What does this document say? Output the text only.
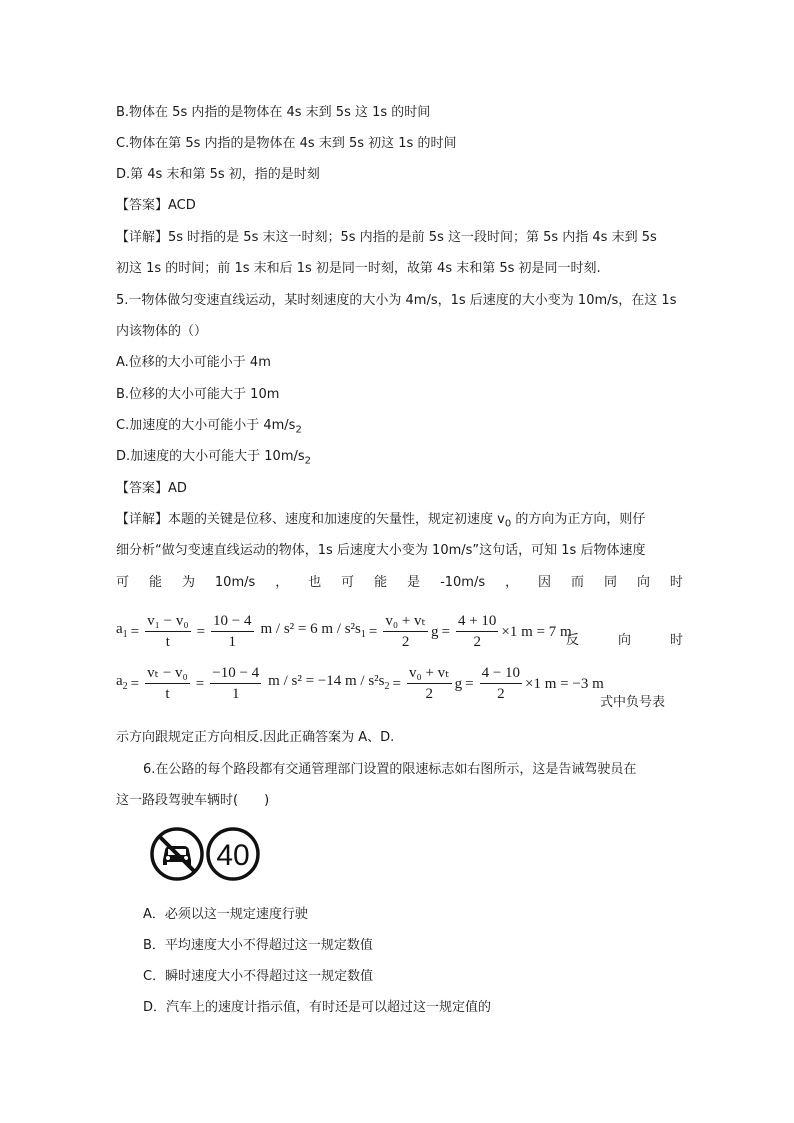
B.物体在 5s 内指的是物体在 4s 末到 5s 这 1s 的时间
C.物体在第 5s 内指的是物体在 4s 末到 5s 初这 1s 的时间
D.第 4s 末和第 5s 初，指的是时刻
【答案】ACD
【详解】5s 时指的是 5s 末这一时刻；5s 内指的是前 5s 这一段时间；第 5s 内指 4s 末到 5s
初这 1s 的时间；前 1s 末和后 1s 初是同一时刻，故第 4s 末和第 5s 初是同一时刻.
5.一物体做匀变速直线运动，某时刻速度的大小为 4m/s，1s 后速度的大小变为 10m/s，在这 1s
内该物体的（）
A.位移的大小可能小于 4m
B.位移的大小可能大于 10m
C.加速度的大小可能小于 $4m/s_2$
D.加速度的大小可能大于 $10m/s_2$
【答案】AD
【详解】本题的关键是位移、速度和加速度的矢量性，规定初速度 $v_0$ 的方向为正方向，则仔
细分析“做匀变速直线运动的物体，1s 后速度大小变为 10m/s”这句话，可知 1s 后物体速度
可 能 为 10m/s ， 也 可 能 是 -10m/s ， 因 而 同 向 时
$a_1 = \frac{\text{v₁ − v₀}}{t} = \frac{10 - 4}{1}$ m / s² = 6 $m / s^2s_1 = \frac{\text{v₀ + vₜ}}{2}$ $g = \frac{4 + 10}{2} \times 1$ m = 7 m
反	向	时
$a_2 = \frac{\text{vₜ − v₀}}{t} = \frac{-10 - 4}{1}$ m / s² = −14 $m / s^2s_2 = \frac{\text{v₀ + vₜ}}{2}$ $g = \frac{4 - 10}{2} \times 1$ m = −3 m
式中负号表
示方向跟规定正方向相反.因此正确答案为 A、D.
6.在公路的每个路段都有交通管理部门设置的限速标志如右图所示，这是告诫驾驶员在
这一路段驾驶车辆时(　　)
40
A．必须以这一规定速度行驶
B．平均速度大小不得超过这一规定数值
C．瞬时速度大小不得超过这一规定数值
D．汽车上的速度计指示值，有时还是可以超过这一规定值的
